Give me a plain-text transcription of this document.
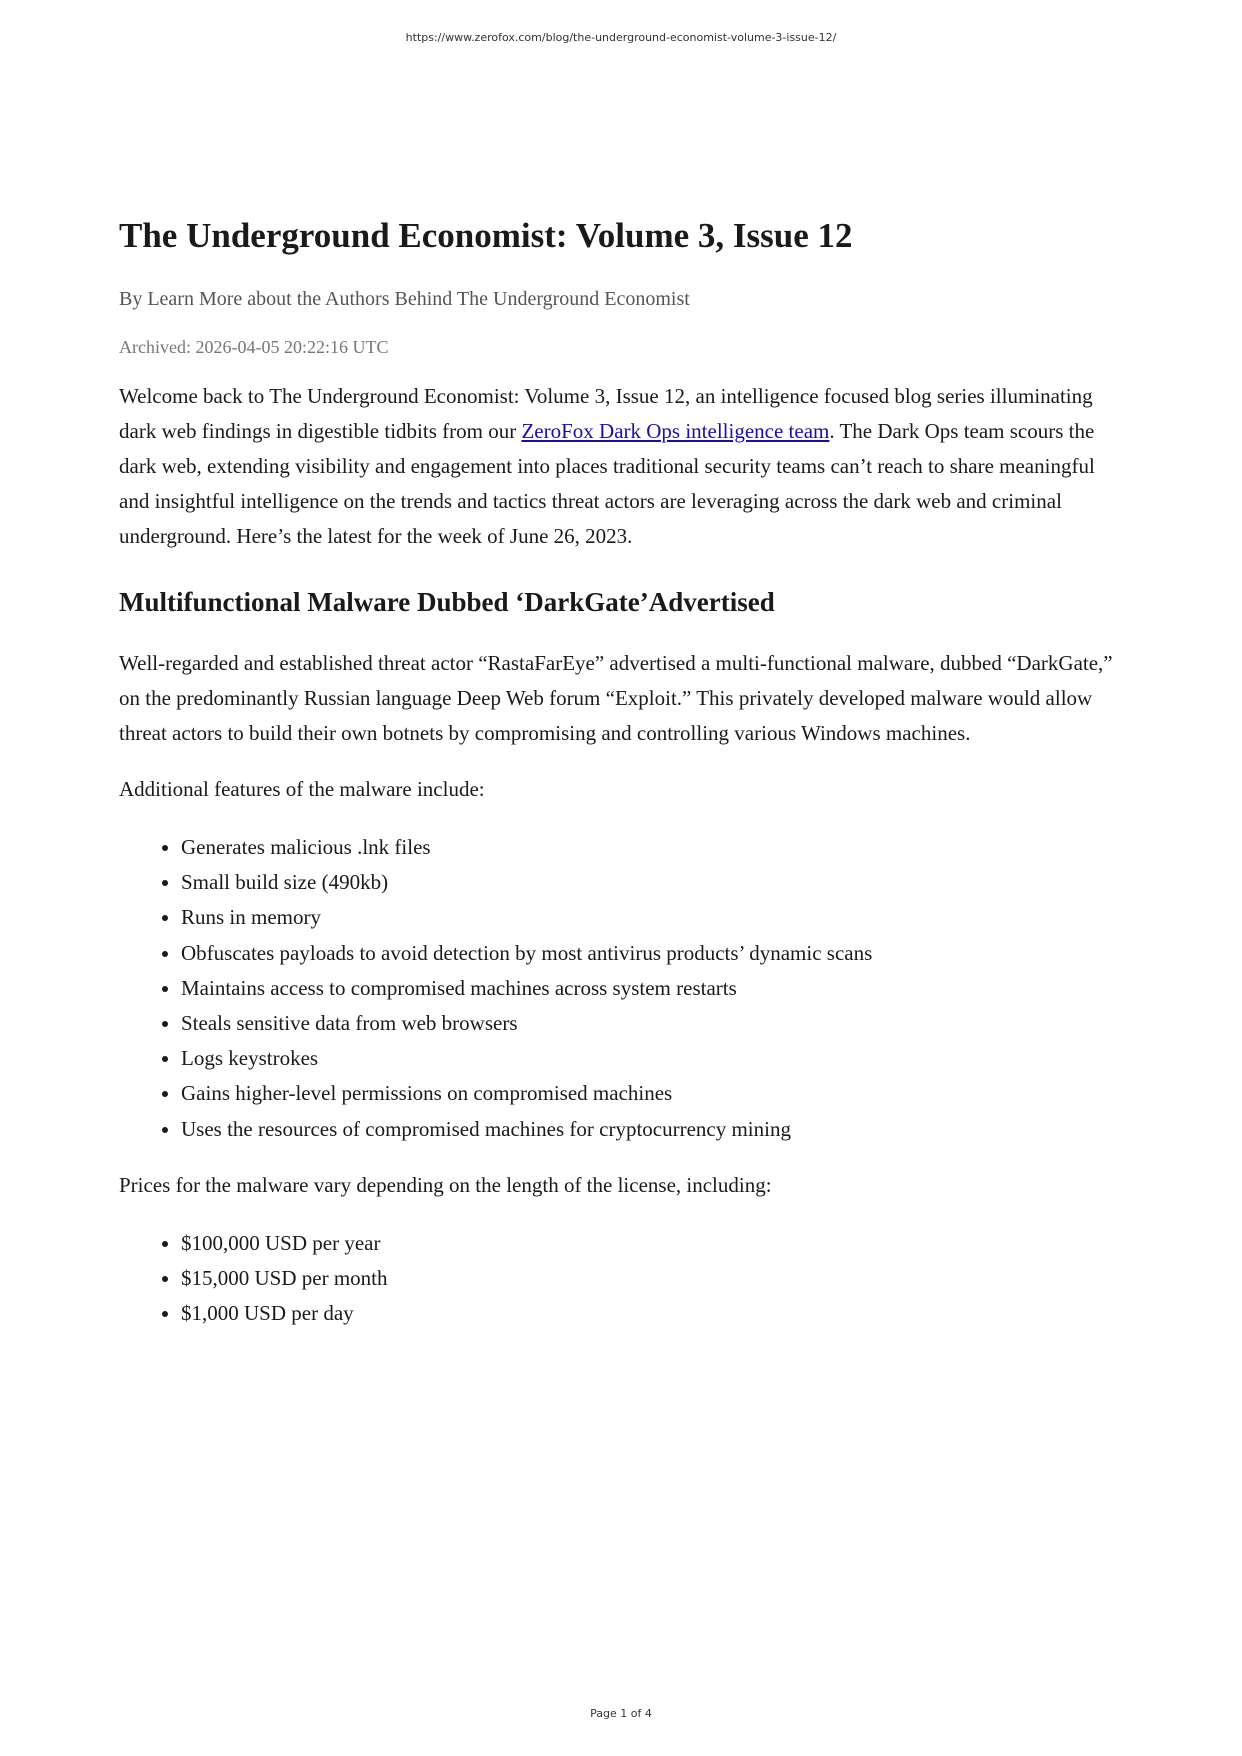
https://www.zerofox.com/blog/the-underground-economist-volume-3-issue-12/
The Underground Economist: Volume 3, Issue 12
By Learn More about the Authors Behind The Underground Economist
Archived: 2026-04-05 20:22:16 UTC

Welcome back to The Underground Economist: Volume 3, Issue 12, an intelligence focused blog series illuminating dark web findings in digestible tidbits from our ZeroFox Dark Ops intelligence team. The Dark Ops team scours the dark web, extending visibility and engagement into places traditional security teams can’t reach to share meaningful and insightful intelligence on the trends and tactics threat actors are leveraging across the dark web and criminal underground. Here’s the latest for the week of June 26, 2023.

Multifunctional Malware Dubbed ‘DarkGate’Advertised

Well-regarded and established threat actor “RastaFarEye” advertised a multi-functional malware, dubbed “DarkGate,” on the predominantly Russian language Deep Web forum “Exploit.” This privately developed malware would allow threat actors to build their own botnets by compromising and controlling various Windows machines.

Additional features of the malware include:

• Generates malicious .lnk files
• Small build size (490kb)
• Runs in memory
• Obfuscates payloads to avoid detection by most antivirus products’ dynamic scans
• Maintains access to compromised machines across system restarts
• Steals sensitive data from web browsers
• Logs keystrokes
• Gains higher-level permissions on compromised machines
• Uses the resources of compromised machines for cryptocurrency mining

Prices for the malware vary depending on the length of the license, including:

• $100,000 USD per year
• $15,000 USD per month
• $1,000 USD per day
Page 1 of 4
